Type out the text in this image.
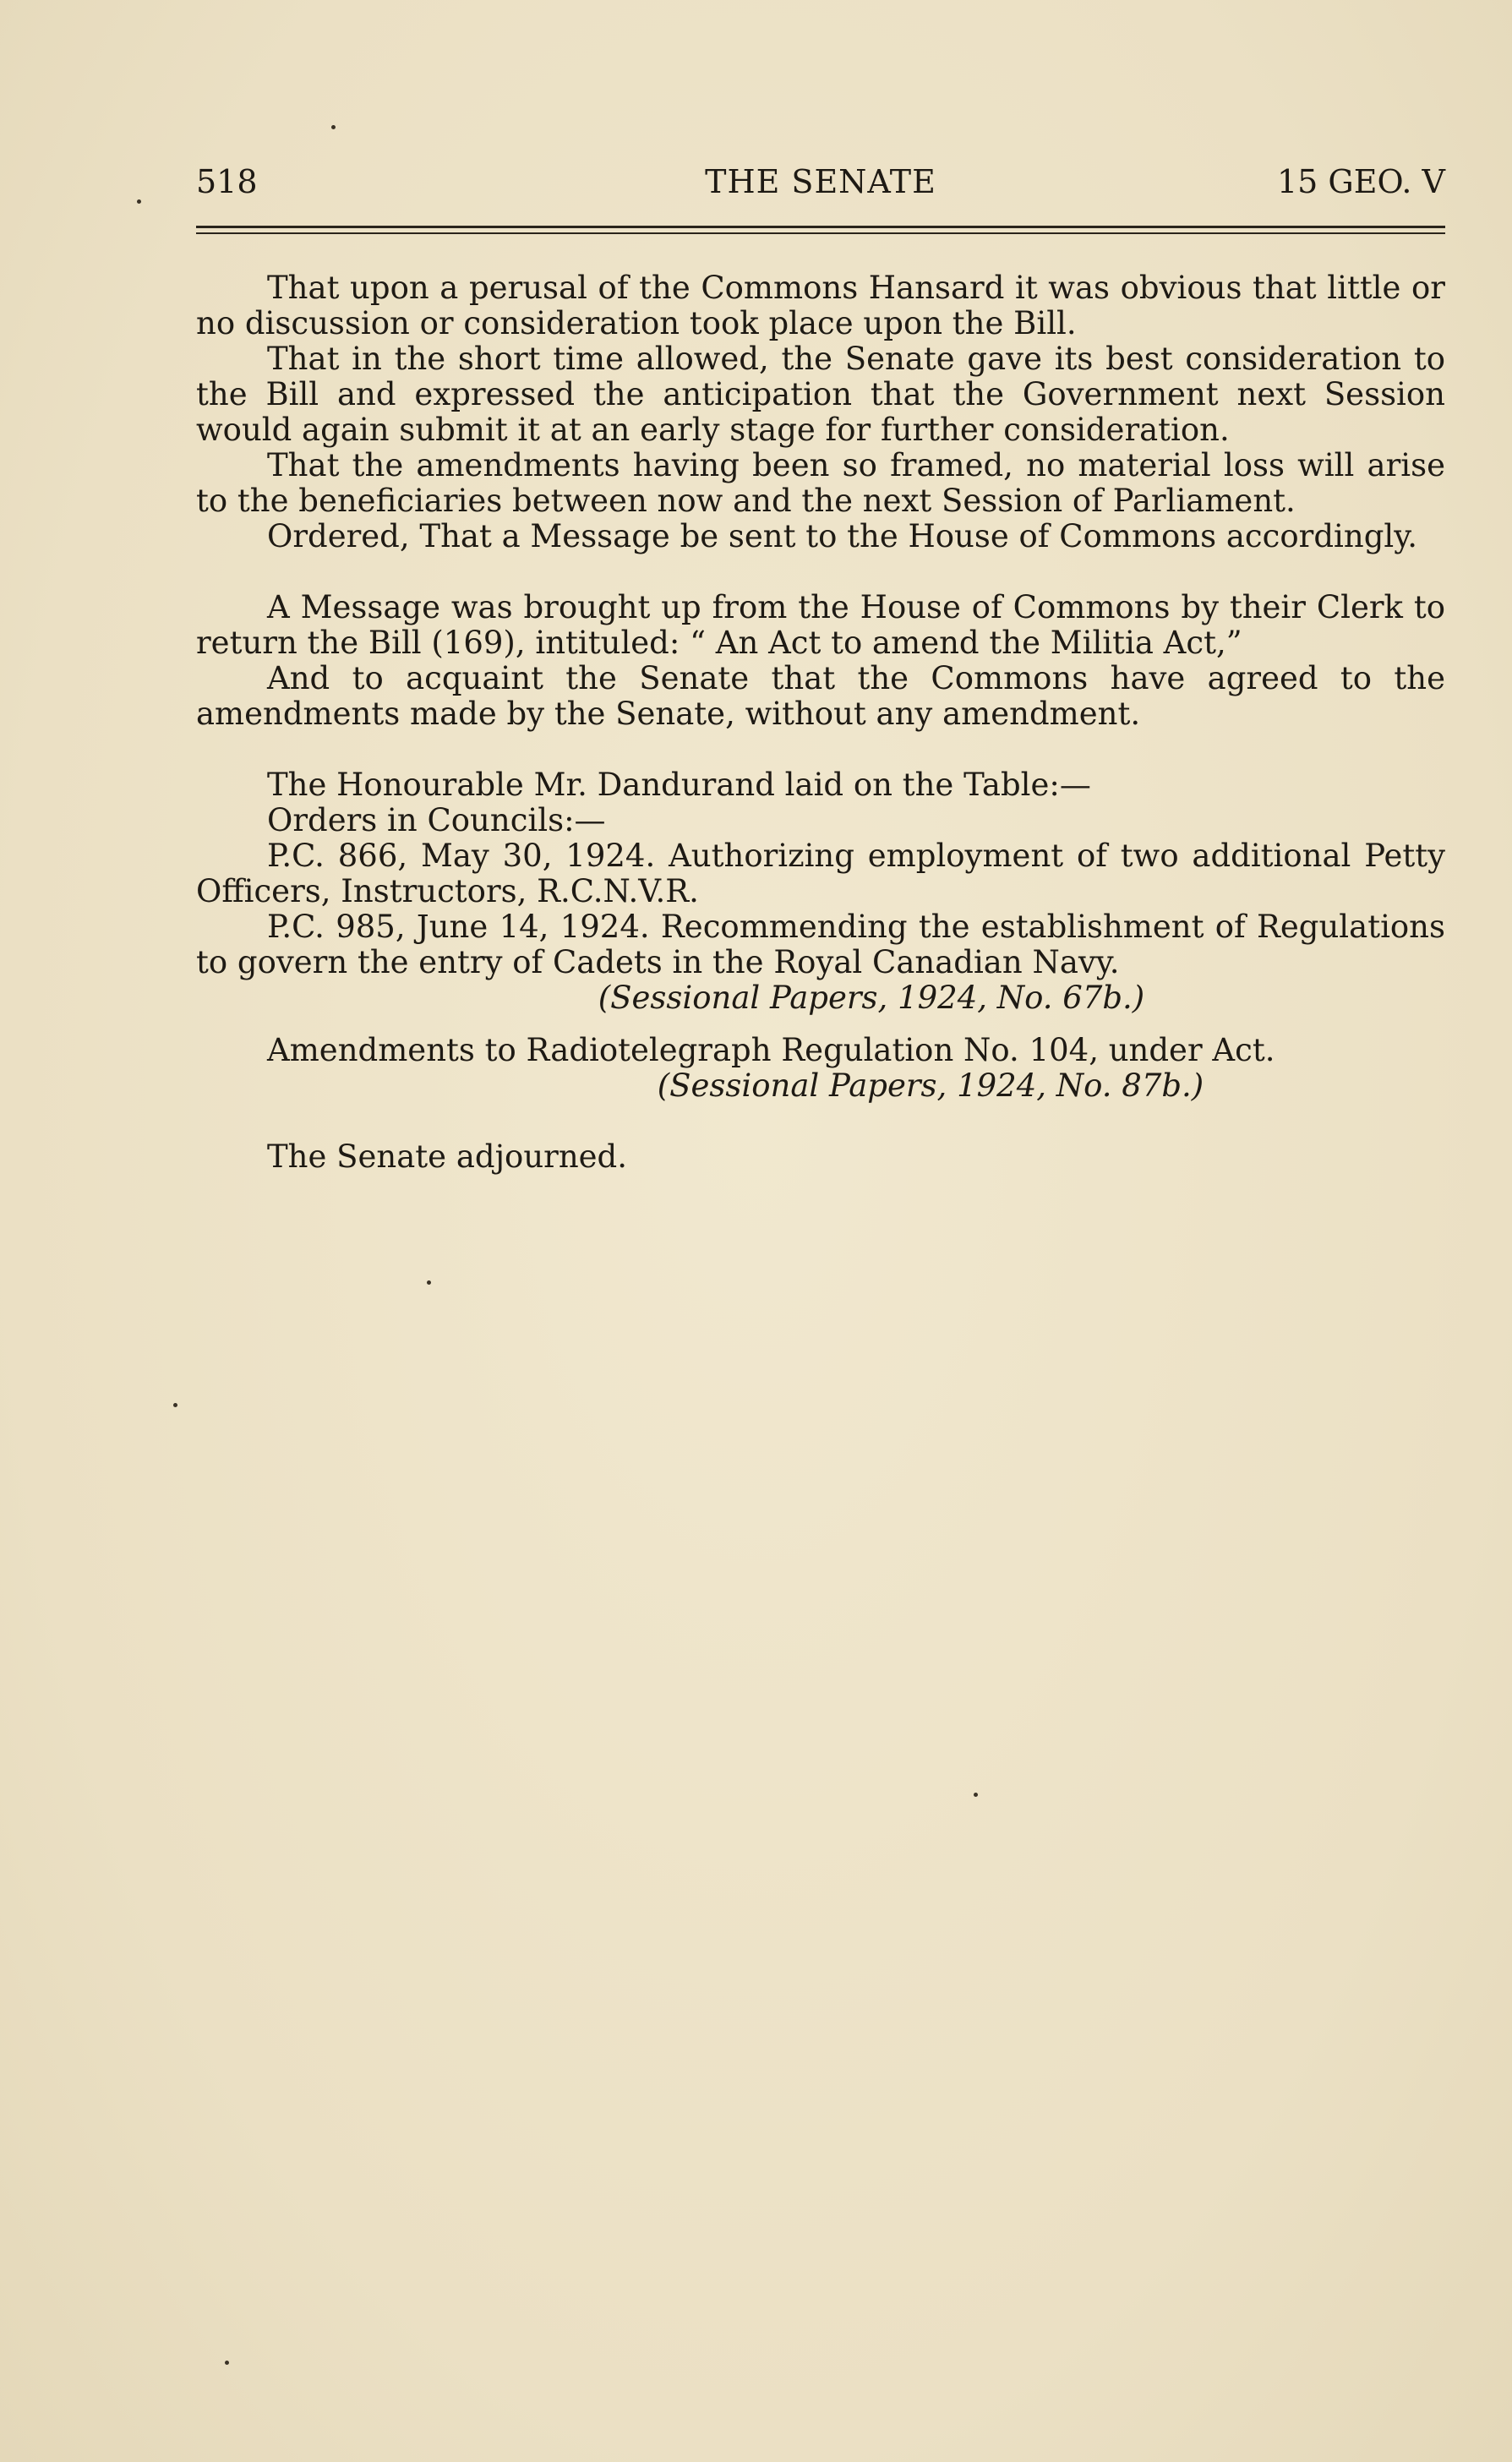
518	THE SENATE	15 GEO. V

That upon a perusal of the Commons Hansard it was obvious that little or no discussion or consideration took place upon the Bill.

That in the short time allowed, the Senate gave its best consideration to the Bill and expressed the anticipation that the Government next Session would again submit it at an early stage for further consideration.

That the amendments having been so framed, no material loss will arise to the beneficiaries between now and the next Session of Parliament.

Ordered, That a Message be sent to the House of Commons accordingly.

A Message was brought up from the House of Commons by their Clerk to return the Bill (169), intituled: “ An Act to amend the Militia Act,”

And to acquaint the Senate that the Commons have agreed to the amendments made by the Senate, without any amendment.

The Honourable Mr. Dandurand laid on the Table:—

Orders in Councils:—

P.C. 866, May 30, 1924. Authorizing employment of two additional Petty Officers, Instructors, R.C.N.V.R.

P.C. 985, June 14, 1924. Recommending the establishment of Regulations to govern the entry of Cadets in the Royal Canadian Navy.

(Sessional Papers, 1924, No. 67b.)

Amendments to Radiotelegraph Regulation No. 104, under Act.

(Sessional Papers, 1924, No. 87b.)

The Senate adjourned.
